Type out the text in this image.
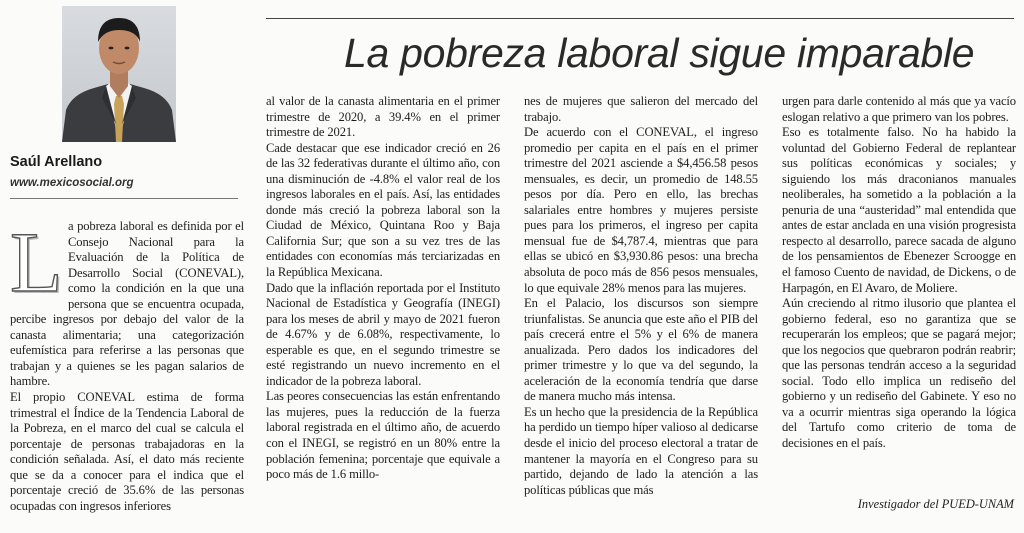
La pobreza laboral sigue imparable

Saúl Arellano

www.mexicosocial.org

La pobreza laboral es definida por el Consejo Nacional para la Evaluación de la Política de Desarrollo Social (CONEVAL), como la condición en la que una persona que se encuentra ocupada, percibe ingresos por debajo del valor de la canasta alimentaria; una categorización eufemística para referirse a las personas que trabajan y a quienes se les pagan salarios de hambre.

El propio CONEVAL estima de forma trimestral el Índice de la Tendencia Laboral de la Pobreza, en el marco del cual se calcula el porcentaje de personas trabajadoras en la condición señalada. Así, el dato más reciente que se da a conocer para el indica que el porcentaje creció de 35.6% de las personas ocupadas con ingresos inferiores

al valor de la canasta alimentaria en el primer trimestre de 2020, a 39.4% en el primer trimestre de 2021.

Cade destacar que ese indicador creció en 26 de las 32 federativas durante el último año, con una disminución de -4.8% el valor real de los ingresos laborales en el país. Así, las entidades donde más creció la pobreza laboral son la Ciudad de México, Quintana Roo y Baja California Sur; que son a su vez tres de las entidades con economías más terciarizadas en la República Mexicana.

Dado que la inflación reportada por el Instituto Nacional de Estadística y Geografía (INEGI) para los meses de abril y mayo de 2021 fueron de 4.67% y de 6.08%, respectivamente, lo esperable es que, en el segundo trimestre se esté registrando un nuevo incremento en el indicador de la pobreza laboral.

Las peores consecuencias las están enfrentando las mujeres, pues la reducción de la fuerza laboral registrada en el último año, de acuerdo con el INEGI, se registró en un 80% entre la población femenina; porcentaje que equivale a poco más de 1.6 millo-

nes de mujeres que salieron del mercado del trabajo.

De acuerdo con el CONEVAL, el ingreso promedio per capita en el país en el primer trimestre del 2021 asciende a $4,456.58 pesos mensuales, es decir, un promedio de 148.55 pesos por día. Pero en ello, las brechas salariales entre hombres y mujeres persiste pues para los primeros, el ingreso per capita mensual fue de $4,787.4, mientras que para ellas se ubicó en $3,930.86 pesos: una brecha absoluta de poco más de 856 pesos mensuales, lo que equivale 28% menos para las mujeres.

En el Palacio, los discursos son siempre triunfalistas. Se anuncia que este año el PIB del país crecerá entre el 5% y el 6% de manera anualizada. Pero dados los indicadores del primer trimestre y lo que va del segundo, la aceleración de la economía tendría que darse de manera mucho más intensa.

Es un hecho que la presidencia de la República ha perdido un tiempo híper valioso al dedicarse desde el inicio del proceso electoral a tratar de mantener la mayoría en el Congreso para su partido, dejando de lado la atención a las políticas públicas que más

urgen para darle contenido al más que ya vacío eslogan relativo a que primero van los pobres.

Eso es totalmente falso. No ha habido la voluntad del Gobierno Federal de replantear sus políticas económicas y sociales; y siguiendo los más draconianos manuales neoliberales, ha sometido a la población a la penuria de una “austeridad” mal entendida que antes de estar anclada en una visión progresista respecto al desarrollo, parece sacada de alguno de los pensamientos de Ebenezer Scroogge en el famoso Cuento de navidad, de Dickens, o de Harpagón, en El Avaro, de Moliere.

Aún creciendo al ritmo ilusorio que plantea el gobierno federal, eso no garantiza que se recuperarán los empleos; que se pagará mejor; que los negocios que quebraron podrán reabrir; que las personas tendrán acceso a la seguridad social. Todo ello implica un rediseño del gobierno y un rediseño del Gabinete. Y eso no va a ocurrir mientras siga operando la lógica del Tartufo como criterio de toma de decisiones en el país.

Investigador del PUED-UNAM
